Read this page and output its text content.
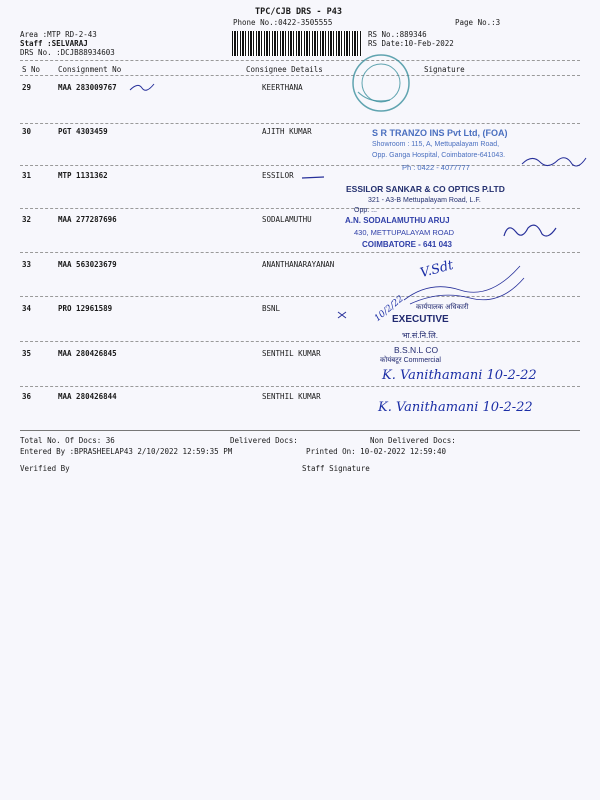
TPC/CJB DRS - P43
Phone No.:0422-3505555	Page No.:3
Area :MTP RD-2-43
Staff :SELVARAJ
DRS No. :DCJB88934603
RS No.:889346
RS Date:10-Feb-2022
S No Consignment No	Consignee Details	Signature
29	MAA 283009767	KEERTHANA
30	PGT 4303459	AJITH KUMAR
31	MTP 1131362	ESSILOR
32	MAA 277287696	SODALAMUTHU
33	MAA 563023679	ANANTHANARAYANAN
34	PRO 12961589	BSNL
35	MAA 280426845	SENTHIL KUMAR
36	MAA 280426844	SENTHIL KUMAR
Total No. Of Docs: 36	Delivered Docs:	Non Delivered Docs:
Entered By :BPRASHEELAP43 2/10/2022 12:59:35 PM	Printed On: 10-02-2022 12:59:40
Verified By	Staff Signature
S R TRANZO INS Pvt Ltd, (FOA)
Showroom : 115, A, Mettupalayam Road,
Opp. Ganga Hospital, Coimbatore-641043.
Ph : 0422 - 4077777
ESSILOR SANKAR & CO OPTICS P.LTD
321 - A3-B Mettupalayam Road, L.F.
Opp. ...
A.N. SODALAMUTHU ARUJ
430, METTUPALAYAM ROAD
COIMBATORE - 641 043
V.Sdt
10/2/22
EXECUTIVE
कार्यपालक अधिकारी
भा.सं.नि.लि.
B.S.N.L CO
कोयंबटूर Commercial
K. Vanithamani 10-2-22
K. Vanithamani 10-2-22
